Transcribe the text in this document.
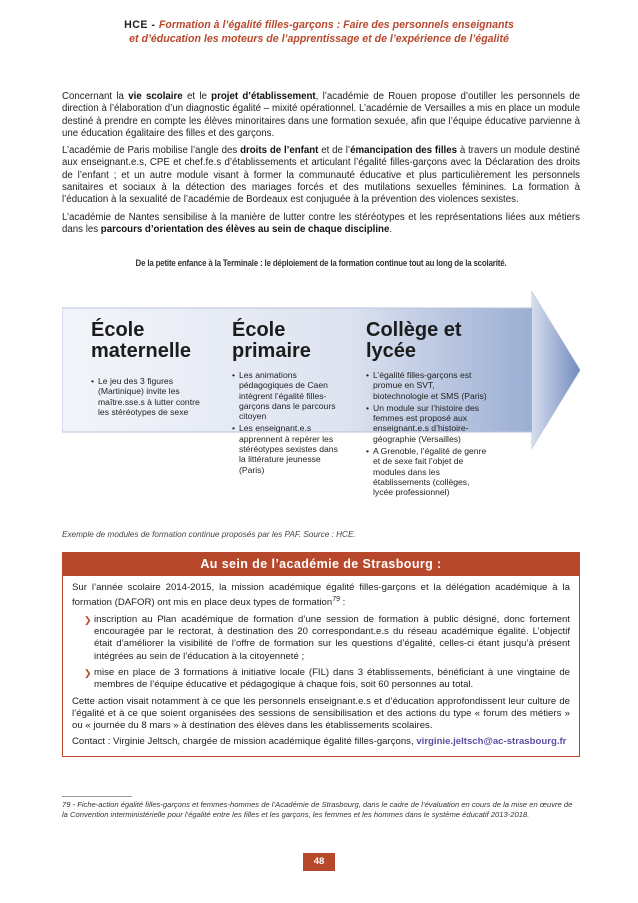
HCE - Formation à l’égalité filles-garçons : Faire des personnels enseignants
et d’éducation les moteurs de l’apprentissage et de l’expérience de l’égalité

Concernant la vie scolaire et le projet d’établissement, l’académie de Rouen propose d’outiller les personnels de direction à l’élaboration d’un diagnostic égalité – mixité opérationnel. L’académie de Versailles a mis en place un module destiné à prendre en compte les élèves minoritaires dans une formation sexuée, afin que l’équipe éducative parvienne à une éducation égalitaire des filles et des garçons.

L’académie de Paris mobilise l’angle des droits de l’enfant et de l’émancipation des filles à travers un module destiné aux enseignant.e.s, CPE et chef.fe.s d’établissements et articulant l’égalité filles-garçons avec la Déclaration des droits de l’enfant ; et un autre module visant à former la communauté éducative et plus particulièrement les personnels sanitaires et sociaux à la détection des mariages forcés et des mutilations sexuelles féminines. La formation à l’éducation à la sexualité de l’académie de Bordeaux est conjuguée à la prévention des violences sexistes.

L’académie de Nantes sensibilise à la manière de lutter contre les stéréotypes et les représentations liées aux métiers dans les parcours d’orientation des élèves au sein de chaque discipline.

De la petite enfance à la Terminale : le déploiement de la formation continue tout au long de la scolarité.
École
maternelle
• Le jeu des 3 figures (Martinique) invite les maître.sse.s à lutter contre les stéréotypes de sexe
École
primaire
• Les animations pédagogiques de Caen intègrent l’égalité filles-garçons dans le parcours citoyen
• Les enseignant.e.s apprennent à repérer les stéréotypes sexistes dans la littérature jeunesse (Paris)
Collège et
lycée
• L’égalité filles-garçons est promue en SVT, biotechnologie et SMS (Paris)
• Un module sur l’histoire des femmes est proposé aux enseignant.e.s d’histoire-géographie (Versailles)
• A Grenoble, l’égalité de genre et de sexe fait l’objet de modules dans les établissements (collèges, lycée professionnel)
Exemple de modules de formation continue proposés par les PAF. Source : HCE.
Au sein de l’académie de Strasbourg :

Sur l’année scolaire 2014-2015, la mission académique égalité filles-garçons et la délégation académique à la formation (DAFOR) ont mis en place deux types de formation$^{79}$ :

❯ inscription au Plan académique de formation d’une session de formation à public désigné, donc fortement encouragée par le rectorat, à destination des 20 correspondant.e.s du réseau académique égalité. L’objectif était d’améliorer la visibilité de l’offre de formation sur les questions d’égalité, celles-ci étant jusqu’à présent intégrées au sein de l’éducation à la citoyenneté ;

❯ mise en place de 3 formations à initiative locale (FIL) dans 3 établissements, bénéficiant à une vingtaine de membres de l’équipe éducative et pédagogique à chaque fois, soit 60 personnes au total.

Cette action visait notamment à ce que les personnels enseignant.e.s et d’éducation approfondissent leur culture de l’égalité et à ce que soient organisées des sessions de sensibilisation et des actions du type « forum des métiers » ou « journée du 8 mars » à destination des élèves dans les établissements scolaires.

Contact : Virginie Jeltsch, chargée de mission académique égalité filles-garçons, virginie.jeltsch@ac-strasbourg.fr

79 - Fiche-action égalité filles-garçons et femmes-hommes de l’Académie de Strasbourg, dans le cadre de l’évaluation en cours de la mise en œuvre de la Convention interministérielle pour l’égalité entre les filles et les garçons, les femmes et les hommes dans le système éducatif 2013-2018.
48
